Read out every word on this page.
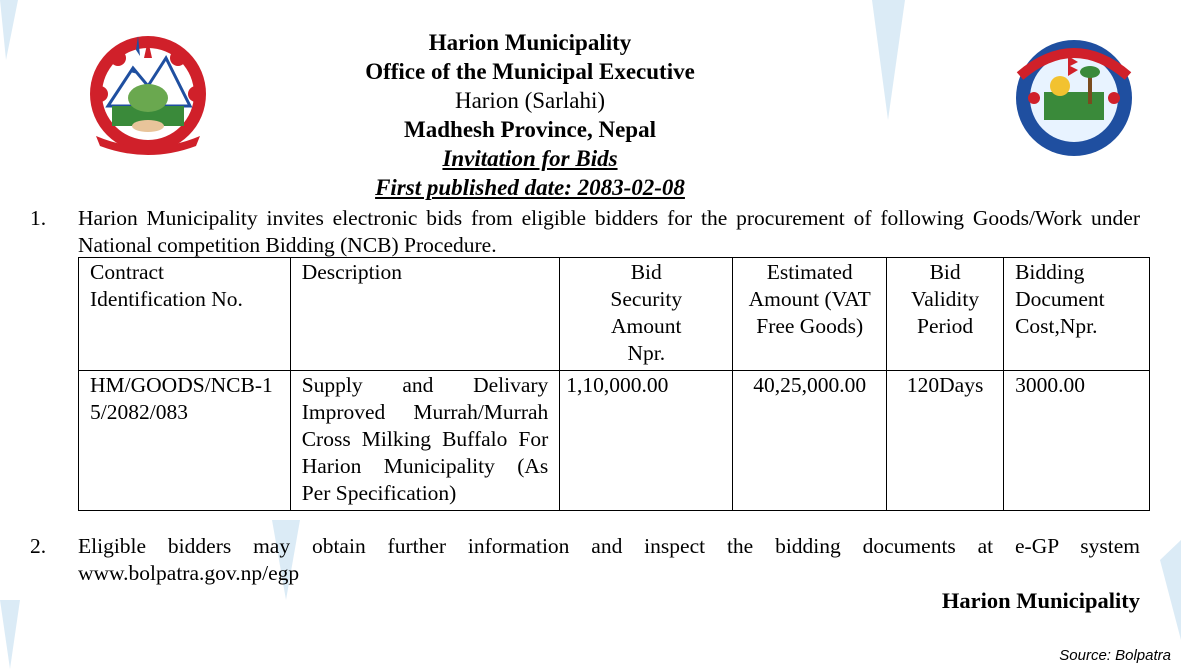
Harion Municipality
Office of the Municipal Executive
Harion (Sarlahi)
Madhesh Province, Nepal
Invitation for Bids
First published date: 2083-02-08
1.	Harion Municipality invites electronic bids from eligible bidders for the procurement of following Goods/Work under National competition Bidding (NCB) Procedure.
Contract Identification No.	Description	Bid Security Amount Npr.	Estimated Amount (VAT Free Goods)	Bid Validity Period	Bidding Document Cost,Npr.
HM/GOODS/NCB-15/2082/083	Supply and Delivary Improved Murrah/Murrah Cross Milking Buffalo For Harion Municipality (As Per Specification)	1,10,000.00	40,25,000.00	120Days	3000.00
2.	Eligible bidders may obtain further information and inspect the bidding documents at e-GP system www.bolpatra.gov.np/egp
Harion Municipality
Source: Bolpatra
